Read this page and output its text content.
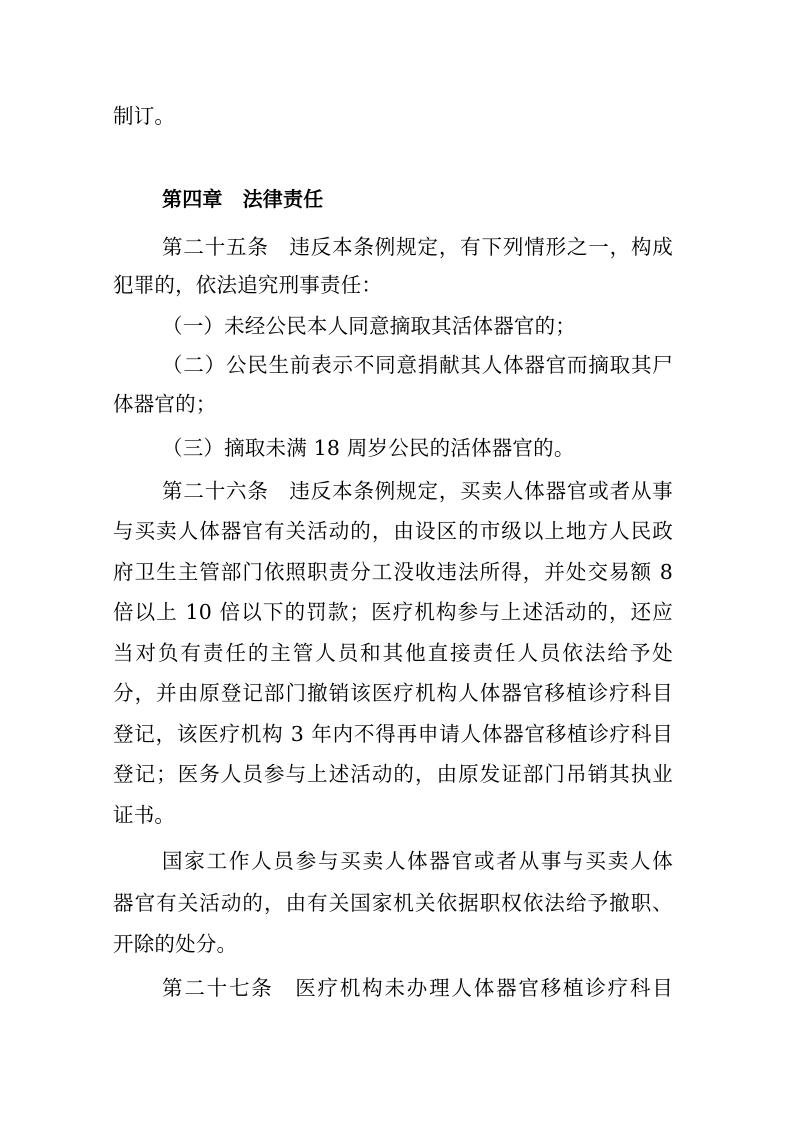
制订。
第四章 法律责任
第二十五条 违反本条例规定，有下列情形之一，构成
犯罪的，依法追究刑事责任：
（一）未经公民本人同意摘取其活体器官的；
（二）公民生前表示不同意捐献其人体器官而摘取其尸
体器官的；
（三）摘取未满 18 周岁公民的活体器官的。
第二十六条 违反本条例规定，买卖人体器官或者从事
与买卖人体器官有关活动的，由设区的市级以上地方人民政
府卫生主管部门依照职责分工没收违法所得，并处交易额 8
倍以上 10 倍以下的罚款；医疗机构参与上述活动的，还应
当对负有责任的主管人员和其他直接责任人员依法给予处
分，并由原登记部门撤销该医疗机构人体器官移植诊疗科目
登记，该医疗机构 3 年内不得再申请人体器官移植诊疗科目
登记；医务人员参与上述活动的，由原发证部门吊销其执业
证书。
国家工作人员参与买卖人体器官或者从事与买卖人体
器官有关活动的，由有关国家机关依据职权依法给予撤职、
开除的处分。
第二十七条 医疗机构未办理人体器官移植诊疗科目
